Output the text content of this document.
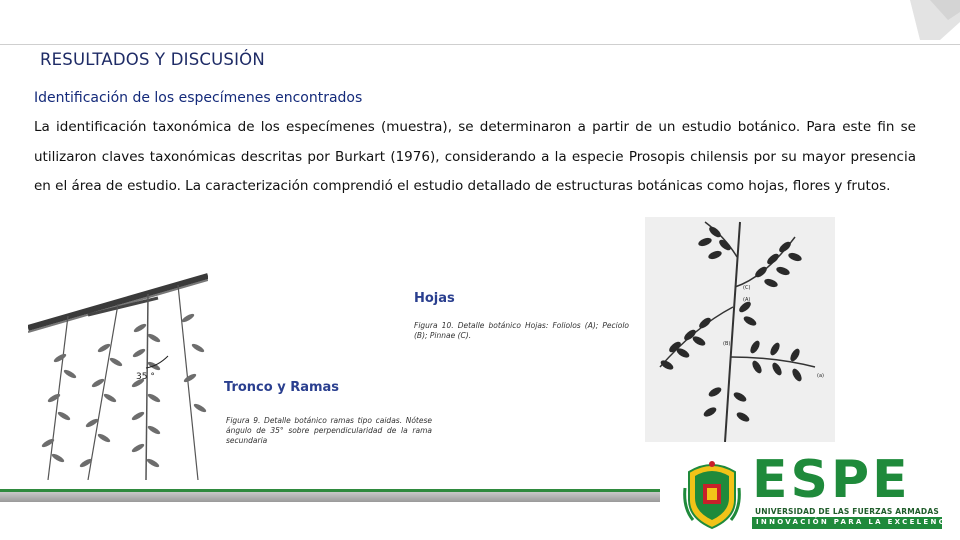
RESULTADOS Y DISCUSIÓN
Identificación de los especímenes encontrados

La identificación taxonómica de los especímenes (muestra), se determinaron a partir de un estudio botánico. Para este fin se utilizaron claves taxonómicas descritas por Burkart (1976), considerando a la especie Prosopis chilensis por su mayor presencia en el área de estudio. La caracterización comprendió el estudio detallado de estructuras botánicas como hojas, flores y frutos.

35 °
(C)
(A)
(B)
(a)

Hojas

Figura 10. Detalle botánico Hojas: Foliolos (A); Peciolo (B); Pinnae (C).

Tronco y Ramas

Figura 9. Detalle botánico ramas tipo caidas. Nótese ángulo de 35° sobre perpendicularidad de la rama secundaria

ESPE

UNIVERSIDAD DE LAS FUERZAS ARMADAS

INNOVACIÓN PARA LA EXCELENCIA
